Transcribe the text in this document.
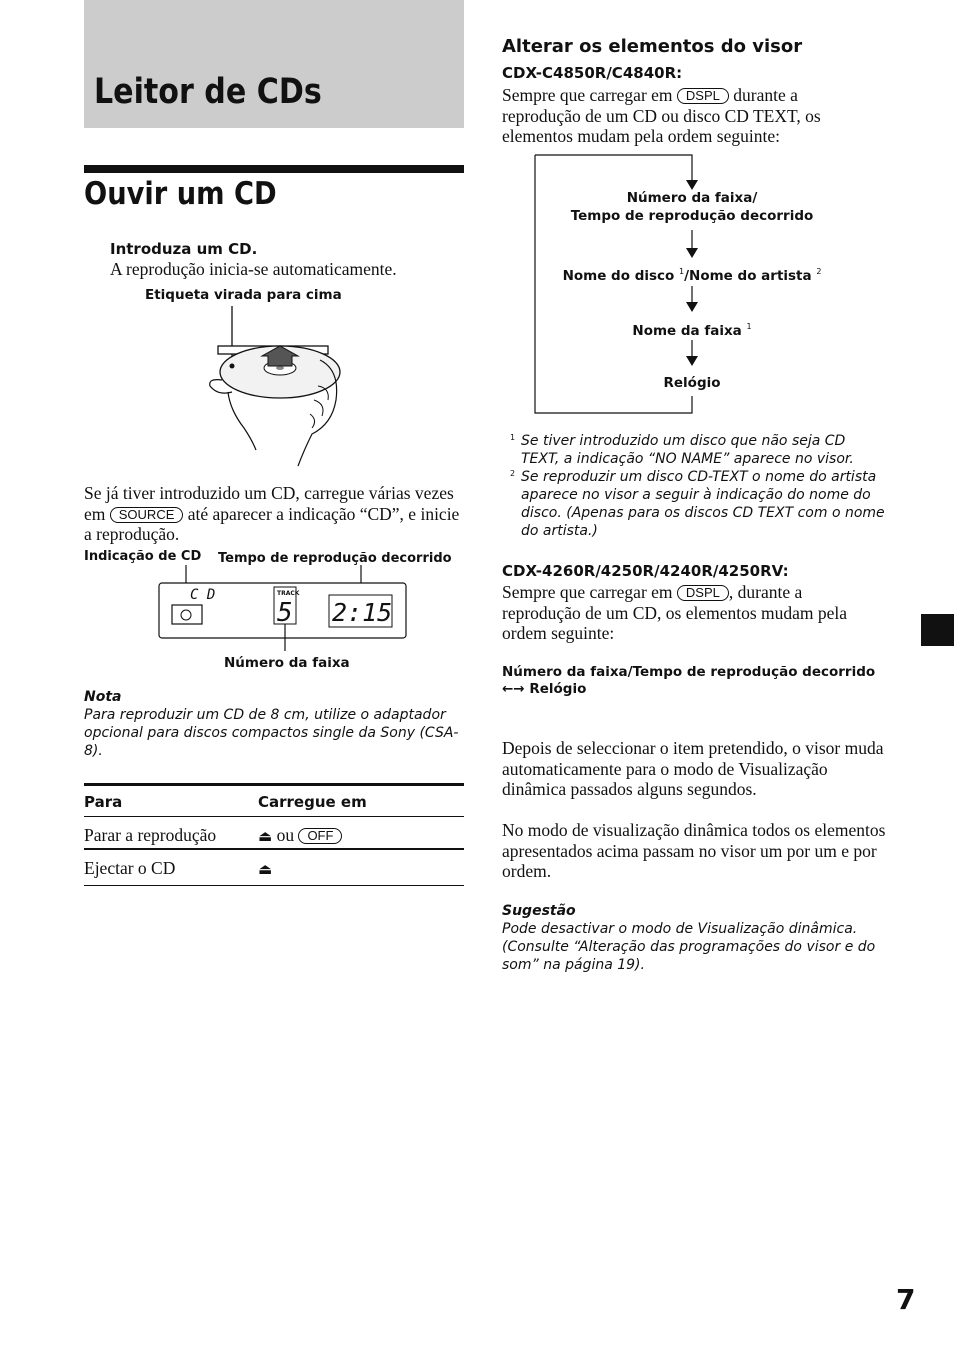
Leitor de CDs
Ouvir um CD
Introduza um CD.
A reprodução inicia-se automaticamente.
Etiqueta virada para cima
Se já tiver introduzido um CD, carregue várias vezes em SOURCE até aparecer a indicação “CD”, e inicie a reprodução.
Indicação de CD Tempo de reprodução decorrido
C D	TRACK
5 2:15
Número da faixa
Nota
Para reproduzir um CD de 8 cm, utilize o adaptador opcional para discos compactos single da Sony (CSA-8).
Para	Carregue em
Parar a reprodução	⏏ ou OFF
Ejectar o CD	⏏
Alterar os elementos do visor
CDX-C4850R/C4840R:
Sempre que carregar em DSPL durante a reprodução de um CD ou disco CD TEXT, os elementos mudam pela ordem seguinte:
Número da faixa/
Tempo de reprodução decorrido
Nome do disco $^1$/Nome do artista $^2$
Nome da faixa $^1$
Relógio
1 Se tiver introduzido um disco que não seja CD TEXT, a indicação “NO NAME” aparece no visor.
2 Se reproduzir um disco CD-TEXT o nome do artista aparece no visor a seguir à indicação do nome do disco. (Apenas para os discos CD TEXT com o nome do artista.)
CDX-4260R/4250R/4240R/4250RV:
Sempre que carregar em DSPL , durante a reprodução de um CD, os elementos mudam pela ordem seguinte:
Número da faixa/Tempo de reprodução decorrido
←→ Relógio
Depois de seleccionar o item pretendido, o visor muda automaticamente para o modo de Visualização dinâmica passados alguns segundos.
No modo de visualização dinâmica todos os elementos apresentados acima passam no visor um por um e por ordem.
Sugestão
Pode desactivar o modo de Visualização dinâmica. (Consulte “Alteração das programações do visor e do som” na página 19).
7
